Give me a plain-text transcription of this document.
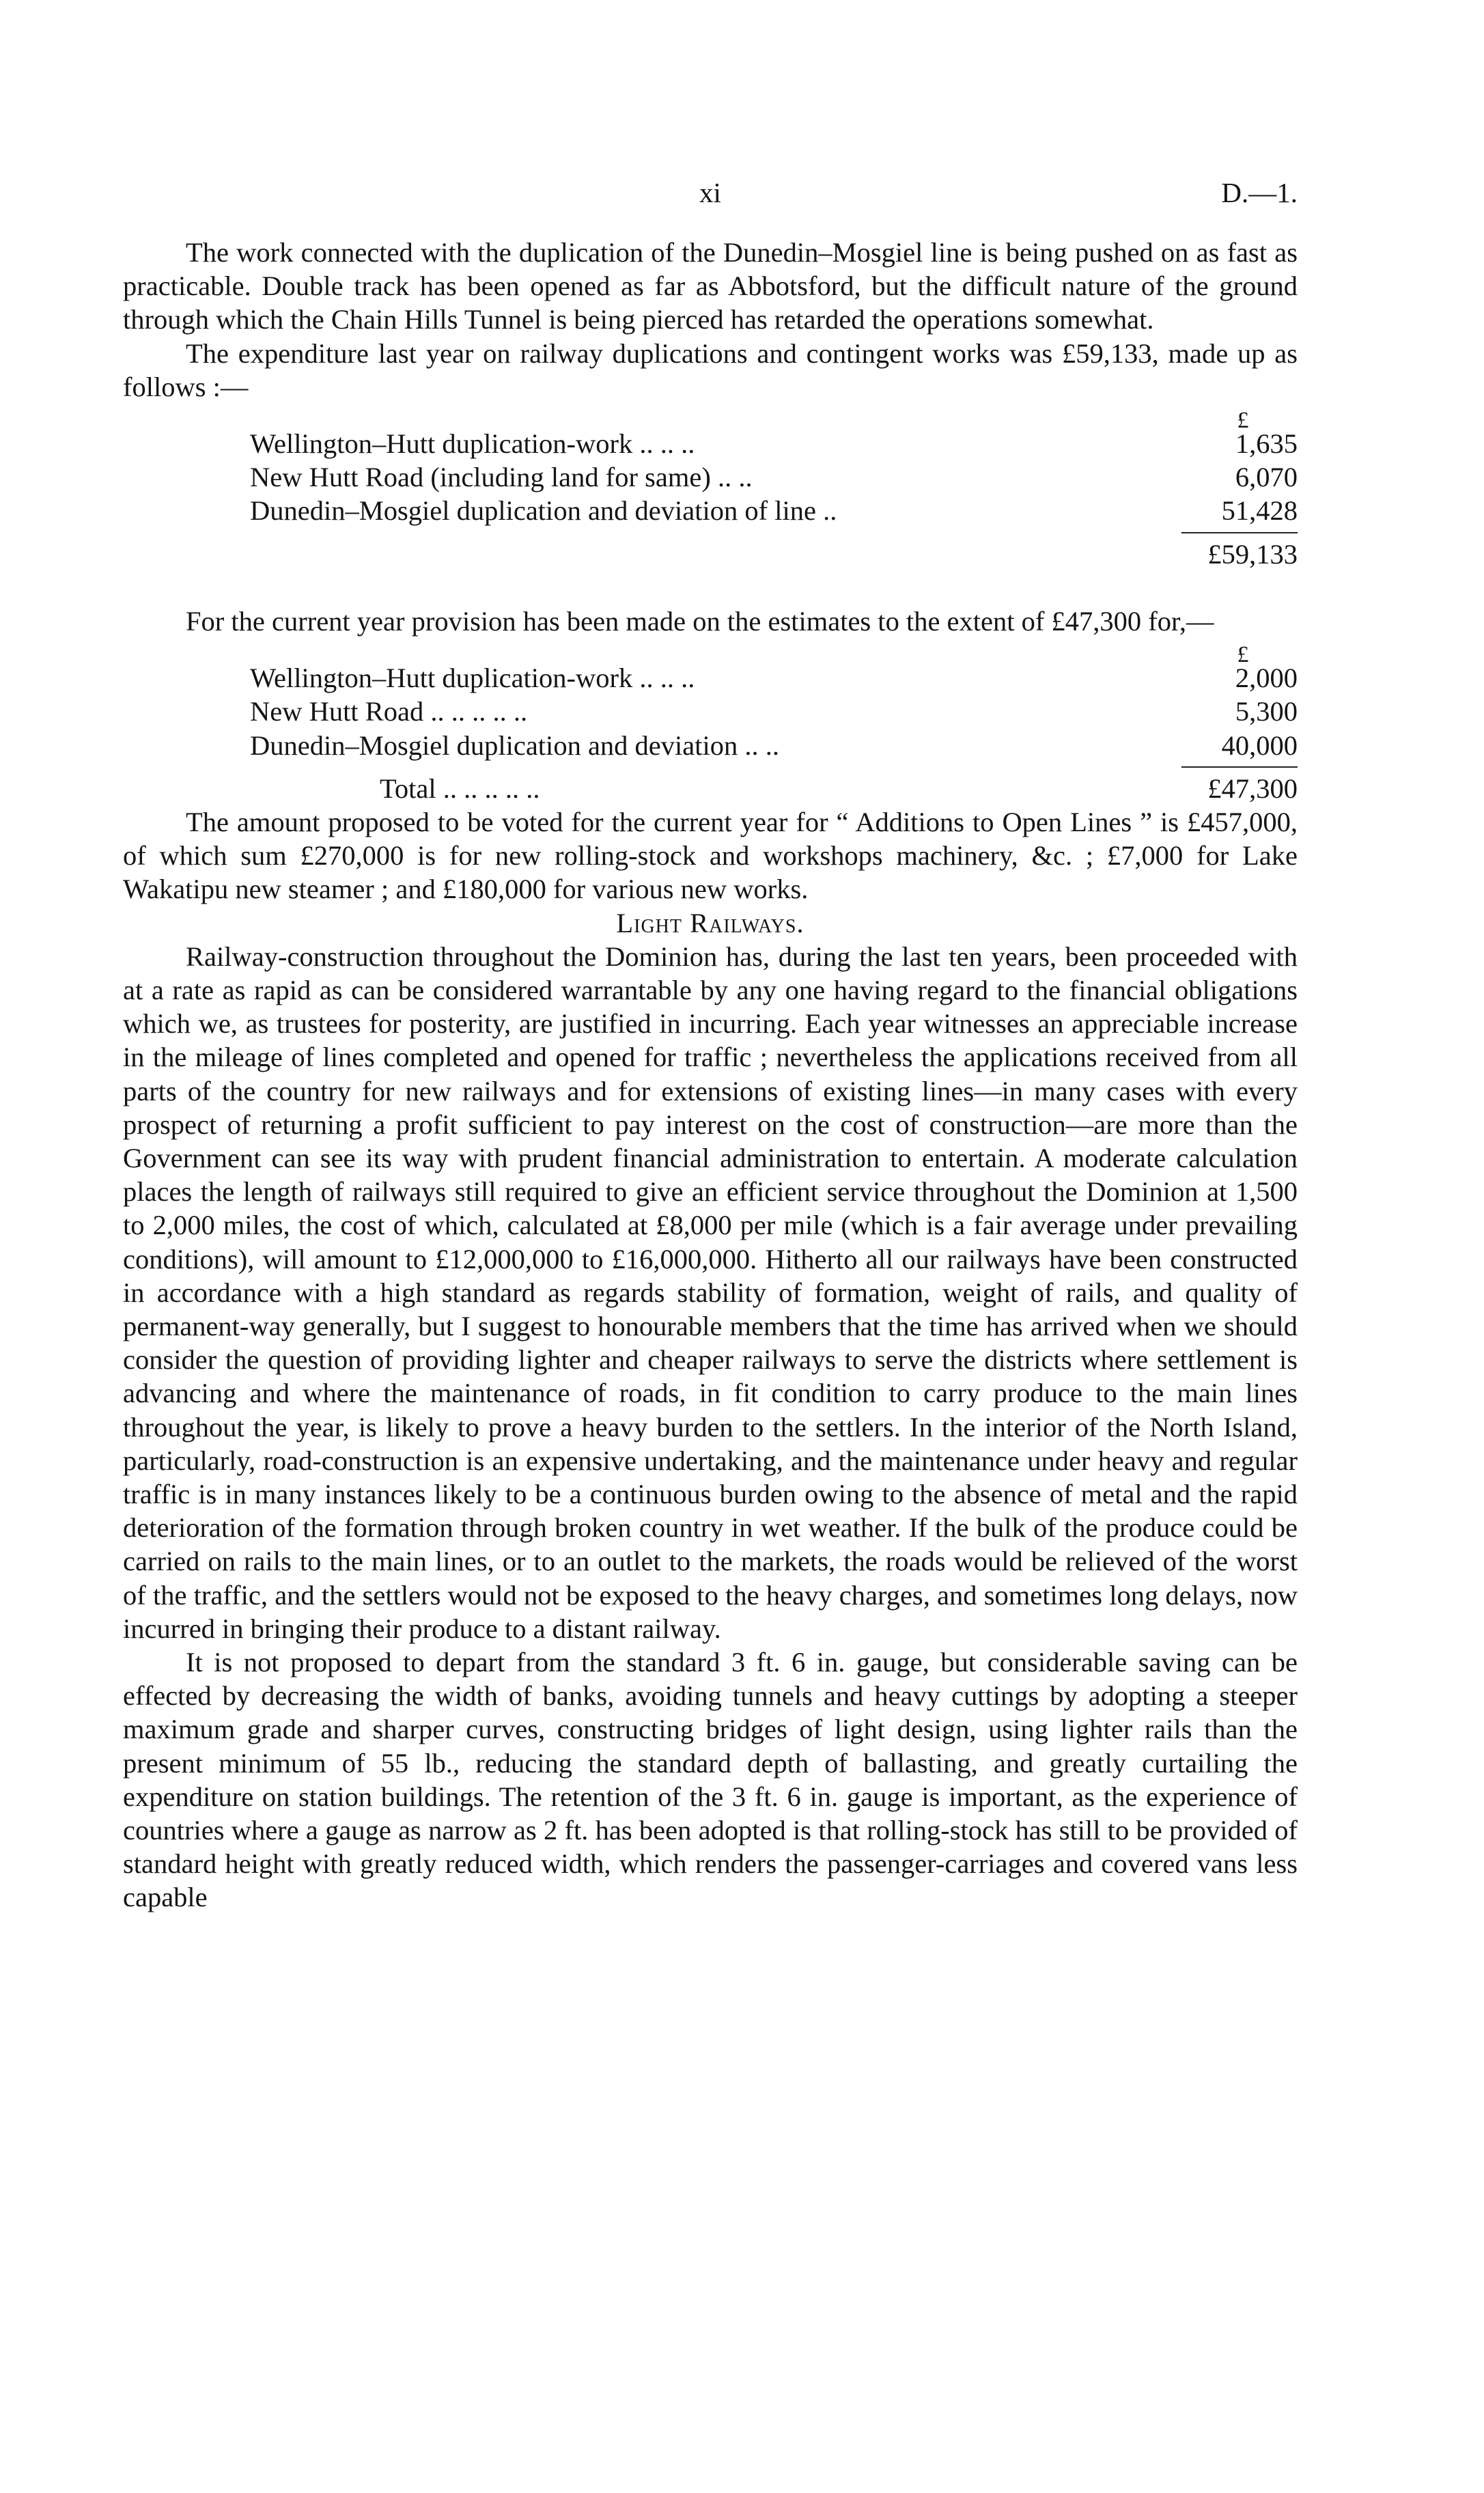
xi	D.—1.

The work connected with the duplication of the Dunedin–Mosgiel line is being pushed on as fast as practicable. Double track has been opened as far as Abbotsford, but the difficult nature of the ground through which the Chain Hills Tunnel is being pierced has retarded the operations somewhat.

The expenditure last year on railway duplications and contingent works was £59,133, made up as follows :—

£
Wellington–Hutt duplication-work .. .. ..	1,635
New Hutt Road (including land for same) .. ..	6,070
Dunedin–Mosgiel duplication and deviation of line ..	51,428
£59,133

For the current year provision has been made on the estimates to the extent of £47,300 for,—

£
Wellington–Hutt duplication-work .. .. ..	2,000
New Hutt Road .. .. .. .. ..	5,300
Dunedin–Mosgiel duplication and deviation .. ..	40,000
Total .. .. .. .. ..	£47,300

The amount proposed to be voted for the current year for “ Additions to Open Lines ” is £457,000, of which sum £270,000 is for new rolling-stock and workshops machinery, &c. ; £7,000 for Lake Wakatipu new steamer ; and £180,000 for various new works.

Light Railways.

Railway-construction throughout the Dominion has, during the last ten years, been proceeded with at a rate as rapid as can be considered warrantable by any one having regard to the financial obligations which we, as trustees for posterity, are justified in incurring. Each year witnesses an appreciable increase in the mileage of lines completed and opened for traffic ; nevertheless the applications received from all parts of the country for new railways and for extensions of existing lines—in many cases with every prospect of returning a profit sufficient to pay interest on the cost of construction—are more than the Government can see its way with prudent financial administration to entertain. A moderate calculation places the length of railways still required to give an efficient service throughout the Dominion at 1,500 to 2,000 miles, the cost of which, calculated at £8,000 per mile (which is a fair average under prevailing conditions), will amount to £12,000,000 to £16,000,000. Hitherto all our railways have been constructed in accordance with a high standard as regards stability of formation, weight of rails, and quality of permanent-way generally, but I suggest to honourable members that the time has arrived when we should consider the question of providing lighter and cheaper railways to serve the districts where settlement is advancing and where the maintenance of roads, in fit condition to carry produce to the main lines throughout the year, is likely to prove a heavy burden to the settlers. In the interior of the North Island, particularly, road-construction is an expensive undertaking, and the maintenance under heavy and regular traffic is in many instances likely to be a continuous burden owing to the absence of metal and the rapid deterioration of the formation through broken country in wet weather. If the bulk of the produce could be carried on rails to the main lines, or to an outlet to the markets, the roads would be relieved of the worst of the traffic, and the settlers would not be exposed to the heavy charges, and sometimes long delays, now incurred in bringing their produce to a distant railway.

It is not proposed to depart from the standard 3 ft. 6 in. gauge, but considerable saving can be effected by decreasing the width of banks, avoiding tunnels and heavy cuttings by adopting a steeper maximum grade and sharper curves, constructing bridges of light design, using lighter rails than the present minimum of 55 lb., reducing the standard depth of ballasting, and greatly curtailing the expenditure on station buildings. The retention of the 3 ft. 6 in. gauge is important, as the experience of countries where a gauge as narrow as 2 ft. has been adopted is that rolling-stock has still to be provided of standard height with greatly reduced width, which renders the passenger-carriages and covered vans less capable
